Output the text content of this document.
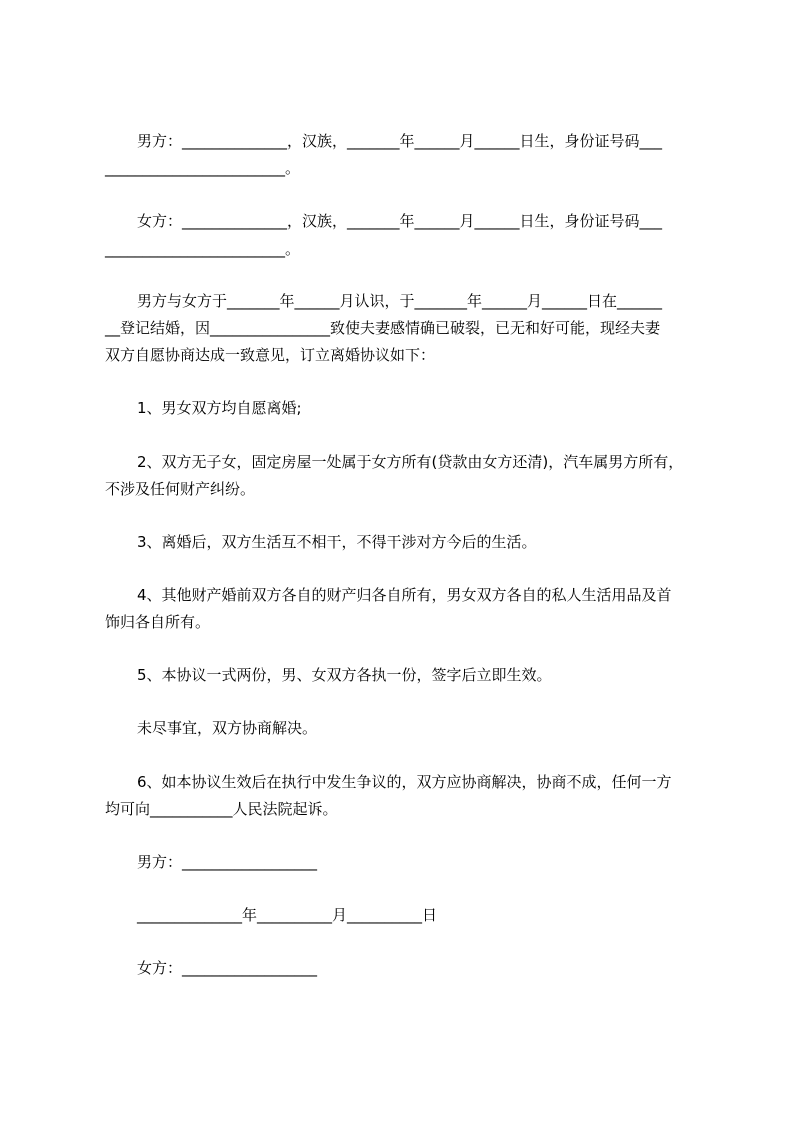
男方：______________，汉族，_______年______月______日生，身份证号码___
________________________。
女方：______________，汉族，_______年______月______日生，身份证号码___
________________________。
男方与女方于_______年______月认识，于_______年______月______日在______
__登记结婚，因________________致使夫妻感情确已破裂，已无和好可能，现经夫妻
双方自愿协商达成一致意见，订立离婚协议如下：
1、男女双方均自愿离婚;
2、双方无子女，固定房屋一处属于女方所有(贷款由女方还清)，汽车属男方所有，
不涉及任何财产纠纷。
3、离婚后，双方生活互不相干，不得干涉对方今后的生活。
4、其他财产婚前双方各自的财产归各自所有，男女双方各自的私人生活用品及首
饰归各自所有。
5、本协议一式两份，男、女双方各执一份，签字后立即生效。
未尽事宜，双方协商解决。
6、如本协议生效后在执行中发生争议的，双方应协商解决，协商不成，任何一方
均可向___________人民法院起诉。
男方：__________________
______________年__________月__________日
女方：__________________
